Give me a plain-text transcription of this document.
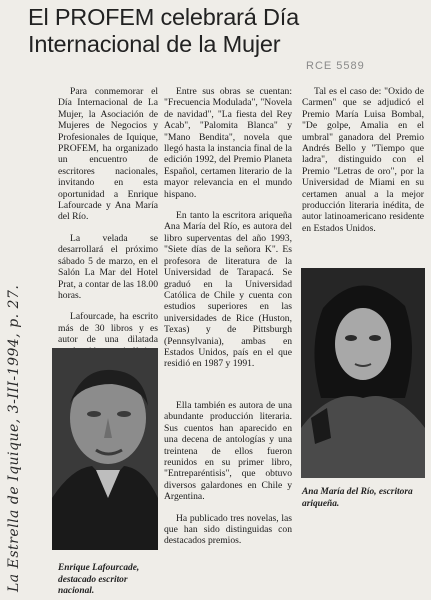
El PROFEM celebrará Día
Internacional de la Mujer
RCE 5589
La Estrella de Iquique, 3-III-1994, p. 27.

Para conmemorar el Día Internacional de La Mujer, la Asociación de Mujeres de Negocios y Profesionales de Iquique, PROFEM, ha organizado un encuentro de escritores nacionales, invitando en esta oportunidad a Enrique Lafourcade y Ana María del Río.

La velada se desarrollará el próximo sábado 5 de marzo, en el Salón La Mar del Hotel Prat, a contar de las 18.00 horas.

Lafourcade, ha escrito más de 30 libros y es autor de una dilatada

Entre sus obras se cuentan: "Frecuencia Modulada", "Novela de navidad", "La fiesta del Rey Acab", "Palomita Blanca" y "Mano Bendita", novela que llegó hasta la instancia final de la edición 1992, del Premio Planeta Español, certamen literario de la mayor relevancia en el mundo hispano.

En tanto la escritora ariqueña Ana María del Río, es autora del libro superventas del año 1993, "Siete días de la señora K". Es profesora de literatura de la Universidad de Tarapacá. Se graduó en la Universidad Católica de Chile y cuenta con estudios superiores en las universidades de Rice (Huston, Texas) y de Pittsburgh (Pennsylvania), ambas en Estados Unidos, país en el que residió en 1987 y 1991.

Ella también es autora de una abundante producción literaria. Sus cuentos han aparecido en una decena de antologías y una treintena de ellos fueron reunidos en su primer libro, "Entreparéntisis", que obtuvo diversos galardones en Chile y Argentina.

Ha publicado tres novelas, las que han sido distinguidas con destacados premios.

Tal es el caso de: "Oxido de Carmen" que se adjudicó el Premio María Luisa Bombal, "De golpe, Amalia en el umbral" ganadora del Premio Andrés Bello y "Tiempo que ladra", distinguido con el Premio "Letras de oro", por la Universidad de Miami en su certamen anual a la mejor producción literaria inédita, de autor latinoamericano residente en Estados Unidos.

Enrique Lafourcade, destacado escritor nacional.
Ana María del Río, escritora ariqueña.
